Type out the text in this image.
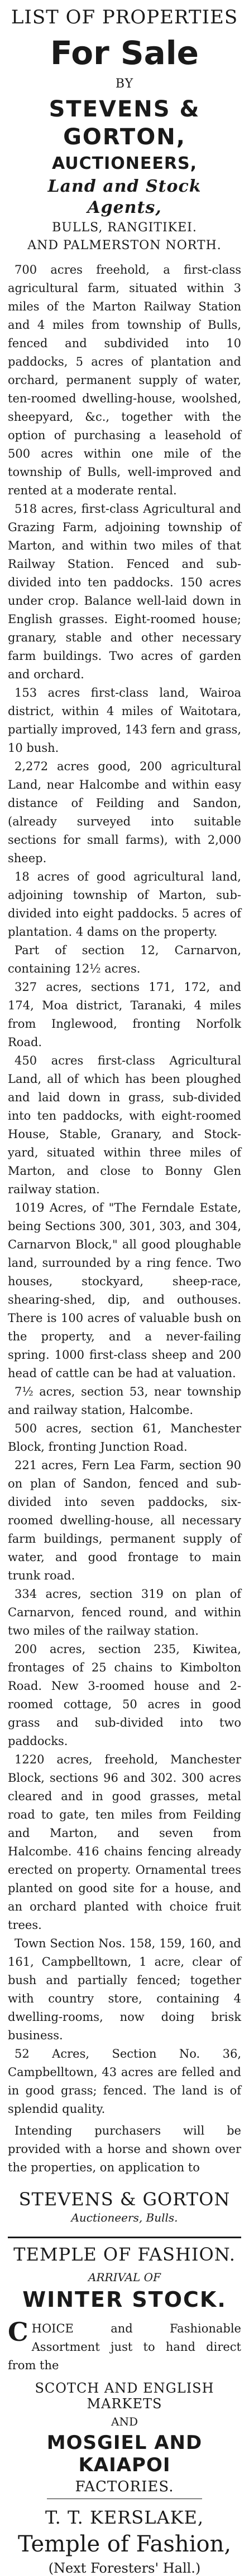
LIST OF PROPERTIES
For Sale
BY
STEVENS & GORTON,
AUCTIONEERS,
Land and Stock Agents,
BULLS, RANGITIKEI.
AND PALMERSTON NORTH.

700 acres freehold, a first-class agricultural farm, situated within 3 miles of the Marton Railway Station and 4 miles from township of Bulls, fenced and subdivided into 10 paddocks, 5 acres of plantation and orchard, permanent supply of water, ten-roomed dwelling-house, woolshed, sheepyard, &c., together with the option of purchasing a leasehold of 500 acres within one mile of the township of Bulls, well-improved and rented at a moderate rental.

518 acres, first-class Agricultural and Grazing Farm, adjoining township of Marton, and within two miles of that Railway Station. Fenced and sub-divided into ten paddocks. 150 acres under crop. Balance well-laid down in English grasses. Eight-roomed house; granary, stable and other necessary farm buildings. Two acres of garden and orchard.

153 acres first-class land, Wairoa district, within 4 miles of Waitotara, partially improved, 143 fern and grass, 10 bush.

2,272 acres good, 200 agricultural Land, near Halcombe and within easy distance of Feilding and Sandon, (already surveyed into suitable sections for small farms), with 2,000 sheep.

18 acres of good agricultural land, adjoining township of Marton, sub-divided into eight paddocks. 5 acres of plantation. 4 dams on the property.

Part of section 12, Carnarvon, containing 12½ acres.

327 acres, sections 171, 172, and 174, Moa district, Taranaki, 4 miles from Inglewood, fronting Norfolk Road.

450 acres first-class Agricultural Land, all of which has been ploughed and laid down in grass, sub-divided into ten paddocks, with eight-roomed House, Stable, Granary, and Stock-yard, situated within three miles of Marton, and close to Bonny Glen railway station.

1019 Acres, of "The Ferndale Estate, being Sections 300, 301, 303, and 304, Carnarvon Block," all good ploughable land, surrounded by a ring fence. Two houses, stockyard, sheep-race, shearing-shed, dip, and outhouses. There is 100 acres of valuable bush on the property, and a never-failing spring. 1000 first-class sheep and 200 head of cattle can be had at valuation.

7½ acres, section 53, near township and railway station, Halcombe.

500 acres, section 61, Manchester Block, fronting Junction Road.

221 acres, Fern Lea Farm, section 90 on plan of Sandon, fenced and sub-divided into seven paddocks, six-roomed dwelling-house, all necessary farm buildings, permanent supply of water, and good frontage to main trunk road.

334 acres, section 319 on plan of Carnarvon, fenced round, and within two miles of the railway station.

200 acres, section 235, Kiwitea, frontages of 25 chains to Kimbolton Road. New 3-roomed house and 2-roomed cottage, 50 acres in good grass and sub-divided into two paddocks.

1220 acres, freehold, Manchester Block, sections 96 and 302. 300 acres cleared and in good grasses, metal road to gate, ten miles from Feilding and Marton, and seven from Halcombe. 416 chains fencing already erected on property. Ornamental trees planted on good site for a house, and an orchard planted with choice fruit trees.

Town Section Nos. 158, 159, 160, and 161, Campbelltown, 1 acre, clear of bush and partially fenced; together with country store, containing 4 dwelling-rooms, now doing brisk business.

52 Acres, Section No. 36, Campbelltown, 43 acres are felled and in good grass; fenced. The land is of splendid quality.

Intending purchasers will be provided with a horse and shown over the properties, on application to

STEVENS & GORTON
Auctioneers, Bulls.
TEMPLE OF FASHION.
ARRIVAL OF
WINTER STOCK.
CHOICE and Fashionable Assortment just to hand direct from the
SCOTCH AND ENGLISH MARKETS
AND
MOSGIEL AND KAIAPOI
FACTORIES.
T. T. KERSLAKE,
Temple of Fashion,
(Next Foresters' Hall.)
